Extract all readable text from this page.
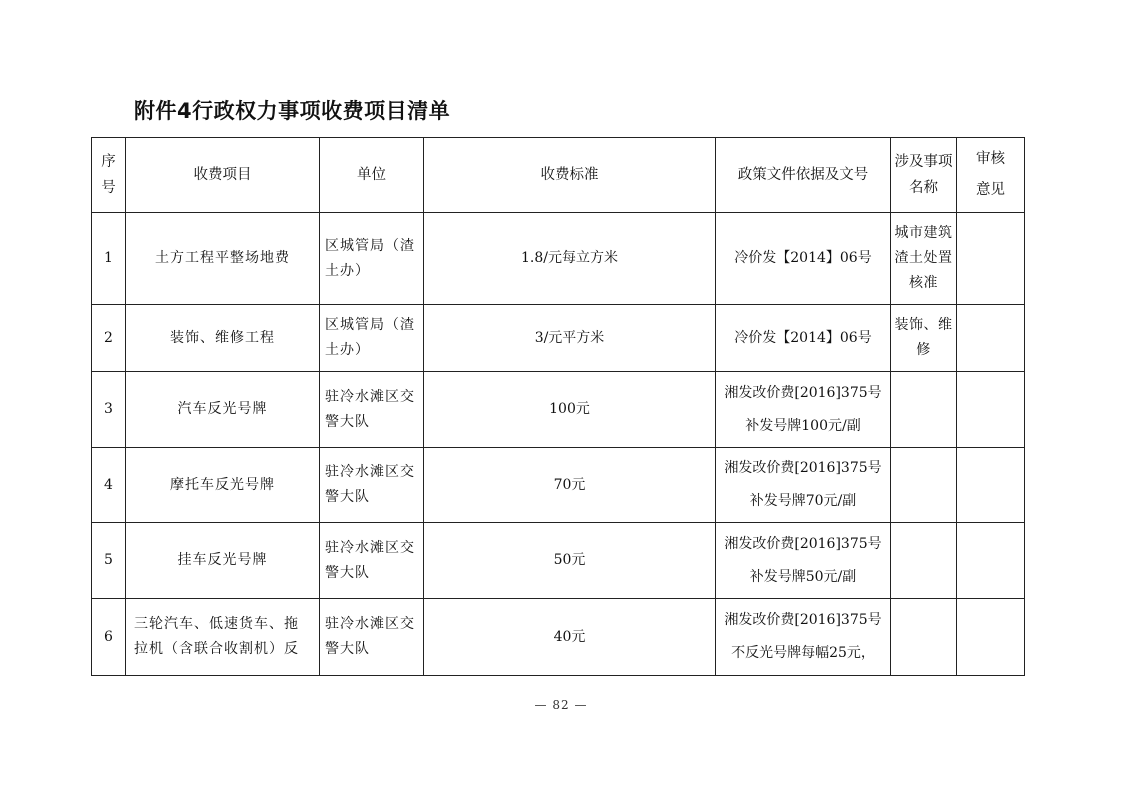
附件4行政权力事项收费项目清单
序
号	收费项目	单位	收费标准	政策文件依据及文号	涉及事项
名称	审核
意见

1	土方工程平整场地费	区城管局（渣
土办）	1.8/元每立方米	冷价发【2014】06号	城市建筑
渣土处置
核准	

2	装饰、维修工程	区城管局（渣
土办）	3/元平方米	冷价发【2014】06号	装饰、维
修	

3	汽车反光号牌	驻冷水滩区交
警大队	100元	湘发改价费[2016]375号
补发号牌100元/副		

4	摩托车反光号牌	驻冷水滩区交
警大队	70元	湘发改价费[2016]375号
补发号牌70元/副		

5	挂车反光号牌	驻冷水滩区交
警大队	50元	湘发改价费[2016]375号
补发号牌50元/副		

6	三轮汽车、低速货车、拖
拉机（含联合收割机）反	驻冷水滩区交
警大队	40元	湘发改价费[2016]375号
不反光号牌每幅25元，		

— 82 —
